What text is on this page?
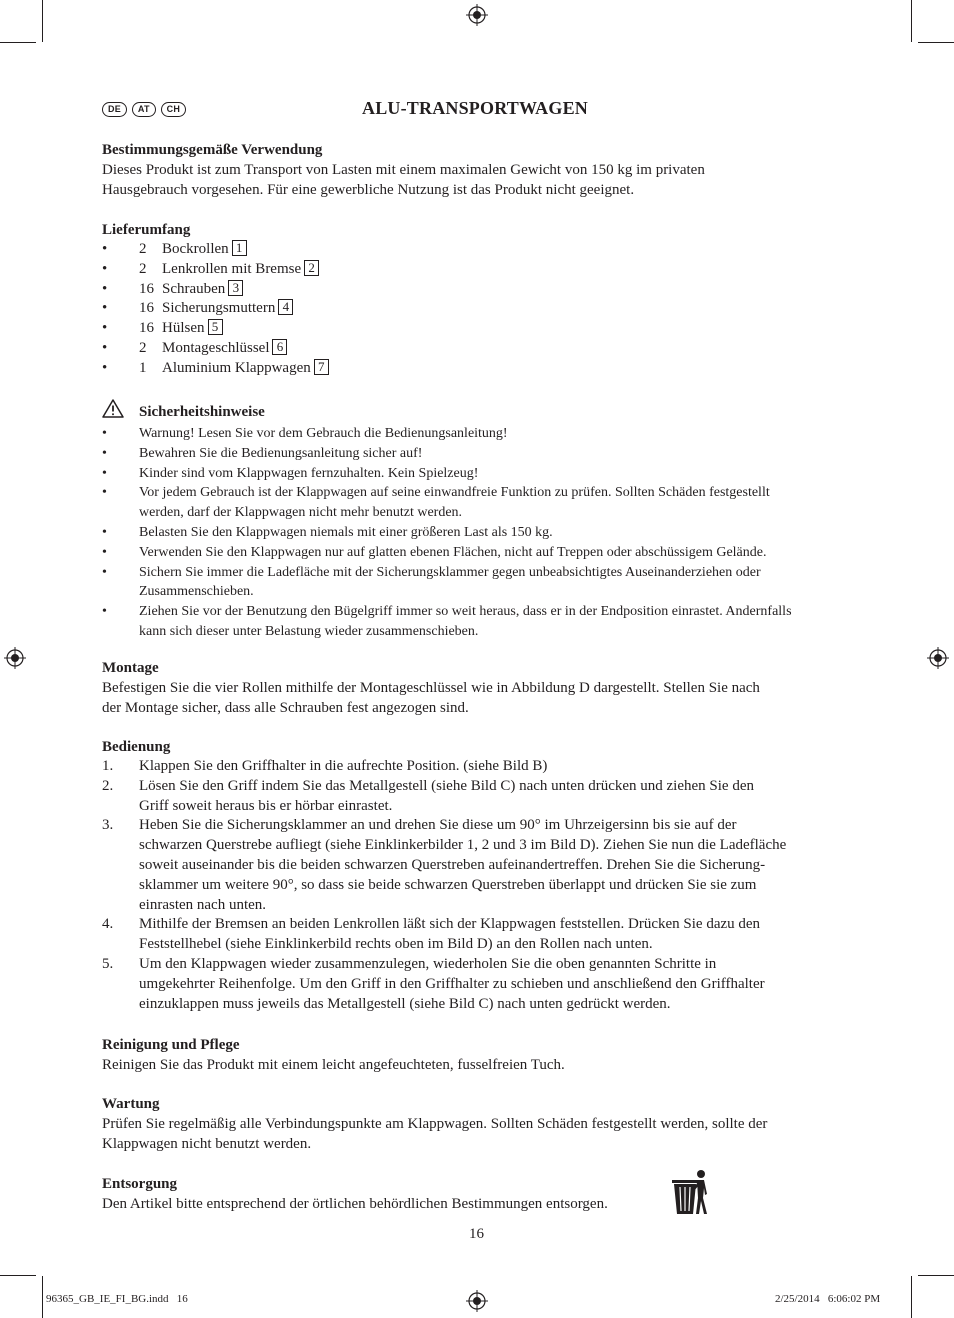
DE	AT	CH	ALU-TRANSPORTWAGEN
Bestimmungsgemäße Verwendung

Dieses Produkt ist zum Transport von Lasten mit einem maximalen Gewicht von 150 kg im privaten

Hausgebrauch vorgesehen. Für eine gewerbliche Nutzung ist das Produkt nicht geeignet.

Lieferumfang
•	2	Bockrollen 1
•	2	Lenkrollen mit Bremse 2
•	16 Schrauben 3
•	16 Sicherungsmuttern 4
•	16 Hülsen 5
•	2	Montageschlüssel 6
•	1	Aluminium Klappwagen 7
Sicherheitshinweise
•	Warnung! Lesen Sie vor dem Gebrauch die Bedienungsanleitung!
•	Bewahren Sie die Bedienungsanleitung sicher auf!
•	Kinder sind vom Klappwagen fernzuhalten. Kein Spielzeug!
•	Vor jedem Gebrauch ist der Klappwagen auf seine einwandfreie Funktion zu prüfen. Sollten Schäden festgestellt
werden, darf der Klappwagen nicht mehr benutzt werden.
•	Belasten Sie den Klappwagen niemals mit einer größeren Last als 150 kg.
•	Verwenden Sie den Klappwagen nur auf glatten ebenen Flächen, nicht auf Treppen oder abschüssigem Gelände.
•	Sichern Sie immer die Ladefläche mit der Sicherungsklammer gegen unbeabsichtigtes Auseinanderziehen oder
Zusammenschieben.
•	Ziehen Sie vor der Benutzung den Bügelgriff immer so weit heraus, dass er in der Endposition einrastet. Andernfalls
kann sich dieser unter Belastung wieder zusammenschieben.
Montage

Befestigen Sie die vier Rollen mithilfe der Montageschlüssel wie in Abbildung D dargestellt. Stellen Sie nach

der Montage sicher, dass alle Schrauben fest angezogen sind.

Bedienung
1.	Klappen Sie den Griffhalter in die aufrechte Position. (siehe Bild B)
2.	Lösen Sie den Griff indem Sie das Metallgestell (siehe Bild C) nach unten drücken und ziehen Sie den
Griff soweit heraus bis er hörbar einrastet.
3.	Heben Sie die Sicherungsklammer an und drehen Sie diese um 90° im Uhrzeigersinn bis sie auf der
schwarzen Querstrebe aufliegt (siehe Einklinkerbilder 1, 2 und 3 im Bild D). Ziehen Sie nun die Ladefläche
soweit auseinander bis die beiden schwarzen Querstreben aufeinandertreffen. Drehen Sie die Sicherung-
sklammer um weitere 90°, so dass sie beide schwarzen Querstreben überlappt und drücken Sie sie zum
einrasten nach unten.
4.	Mithilfe der Bremsen an beiden Lenkrollen läßt sich der Klappwagen feststellen. Drücken Sie dazu den
Feststellhebel (siehe Einklinkerbild rechts oben im Bild D) an den Rollen nach unten.
5.	Um den Klappwagen wieder zusammenzulegen, wiederholen Sie die oben genannten Schritte in
umgekehrter Reihenfolge. Um den Griff in den Griffhalter zu schieben und anschließend den Griffhalter
einzuklappen muss jeweils das Metallgestell (siehe Bild C) nach unten gedrückt werden.
Reinigung und Pflege

Reinigen Sie das Produkt mit einem leicht angefeuchteten, fusselfreien Tuch.

Wartung

Prüfen Sie regelmäßig alle Verbindungspunkte am Klappwagen. Sollten Schäden festgestellt werden, sollte der

Klappwagen nicht benutzt werden.

Entsorgung

Den Artikel bitte entsprechend der örtlichen behördlichen Bestimmungen entsorgen.

16
96365_GB_IE_FI_BG.indd   16	2/25/2014   6:06:02 PM
